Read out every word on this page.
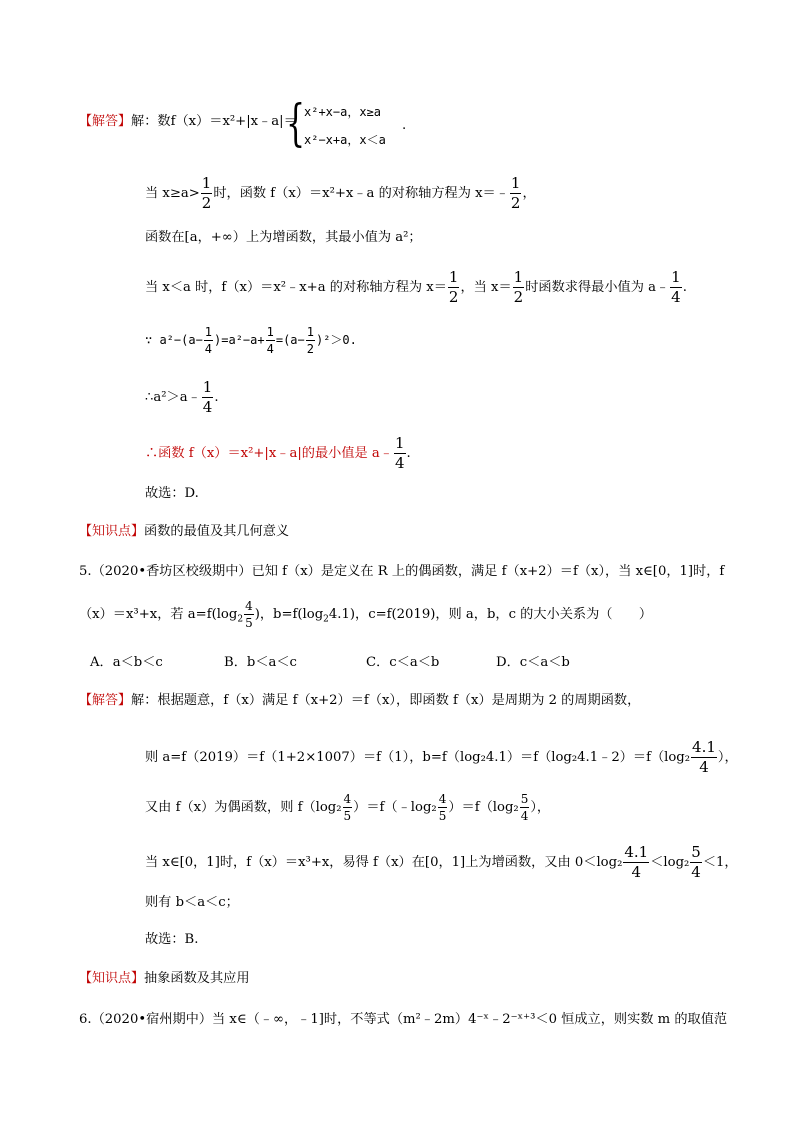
【解答】解：数f（x）＝x²+|x﹣a|＝
{
x²+x−a，x≥a
x²−x+a，x＜a
.
当 $x\ge a> \frac{1}{2}$ 时，函数 f（x）＝x²+x﹣a 的对称轴方程为 x＝﹣ $\frac{1}{2}$ ，
函数在[a，+∞）上为增函数，其最小值为 a²；
当 x＜a 时，f（x）＝x²﹣x+a 的对称轴方程为 $x= \frac{1}{2}$ ，当 $x= \frac{1}{2}$ 时函数求得最小值为 a﹣ $\frac{1}{4}$ .
∵ $a^2-(a- \frac{1}{4} )=a^2-a+ \frac{1}{4} =(a- \frac{1}{2} )^2>0$.
∴a²＞a﹣ $\frac{1}{4}$ .
∴函数 f（x）＝x²+|x﹣a|的最小值是 a﹣ $\frac{1}{4}$ .
故选：D.
【知识点】函数的最值及其几何意义
5.（2020•香坊区校级期中）已知 f（x）是定义在 R 上的偶函数，满足 f（x+2）＝f（x），当 x∈[0，1]时，f
（x）＝x³+x，若 $a=f(\log_2 \frac{4}{5}$ )，$b=f(\log_24.1)$，c=f(2019)，则 a，b，c 的大小关系为（　　）
A．a＜b＜c	B．b＜a＜c	C．c＜a＜b	D．c＜a＜b
【解答】解：根据题意，f（x）满足 f（x+2）＝f（x），即函数 f（x）是周期为 2 的周期函数，
则 a=f（2019）＝f（1+2×1007）＝f（1），b=f（log₂4.1）＝f（log₂4.1﹣2）＝f（log₂ $\frac{4.1}{4}$ ），
又由 f（x）为偶函数，则 $f(\log_2 \frac{4}{5}$ ）＝f（﹣log₂ $\frac{4}{5} )=f(\log_2 \frac{5}{4}$ ），
当 x∈[0，1]时，f（x）＝x³+x，易得 f（x）在[0，1]上为增函数，又由 $0<\log_2 \frac{4.1}{4} <\log_2 \frac{5}{4} <1$，
则有 b＜a＜c；
故选：B.
【知识点】抽象函数及其应用
6.（2020•宿州期中）当 x∈（﹣∞，﹣1]时，不等式（m²﹣2m）4⁻ˣ﹣2⁻ˣ⁺³＜0 恒成立，则实数 m 的取值范
